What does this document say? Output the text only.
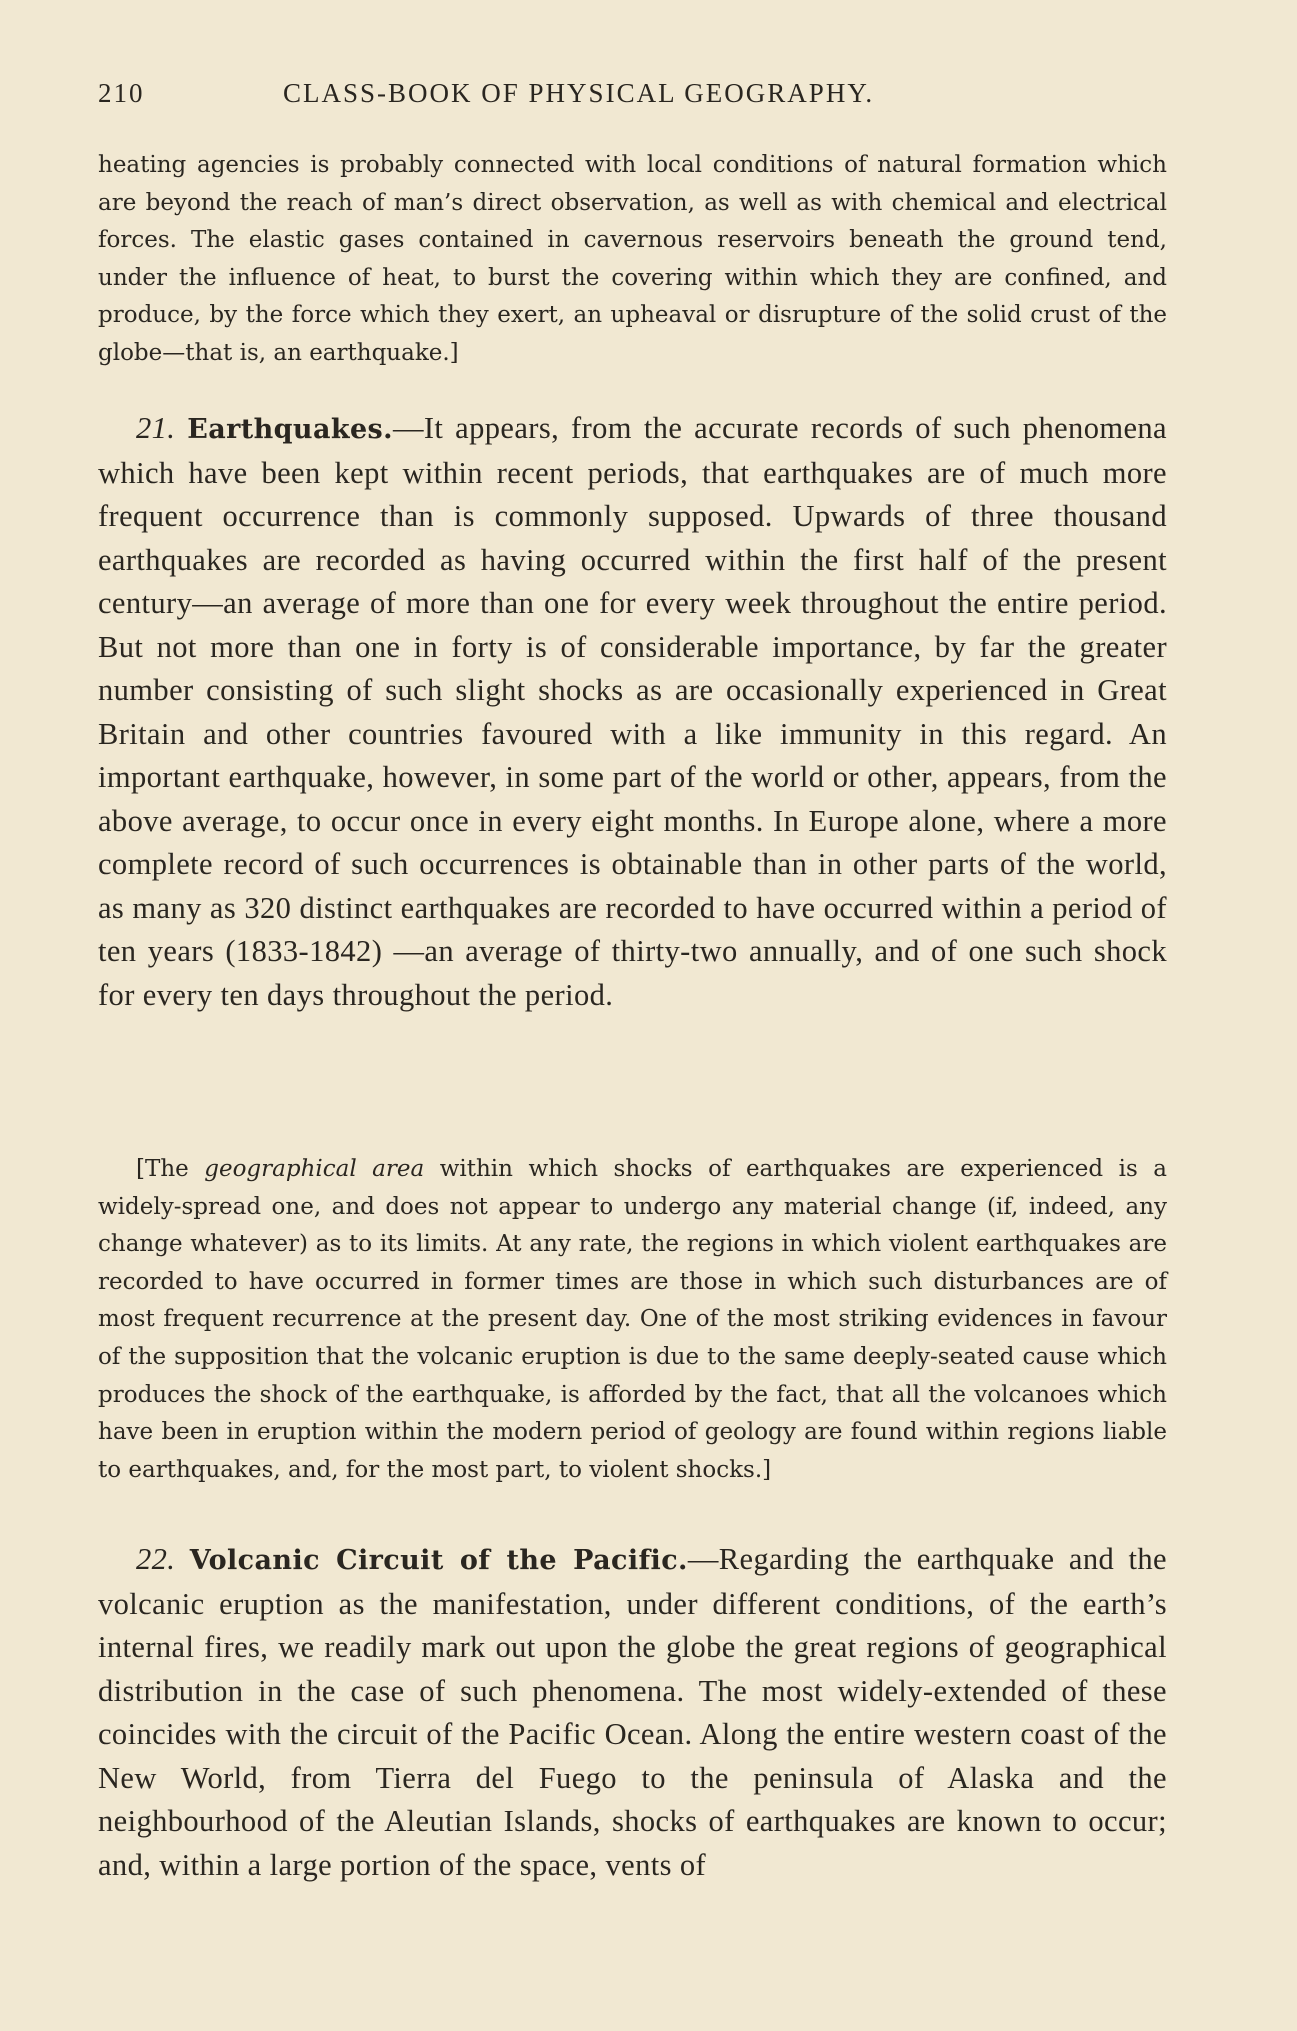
210	CLASS-BOOK OF PHYSICAL GEOGRAPHY.
heating agencies is probably connected with local conditions of natural formation which are beyond the reach of man’s direct observation, as well as with chemical and electrical forces. The elastic gases contained in cavernous reservoirs beneath the ground tend, under the influence of heat, to burst the covering within which they are confined, and produce, by the force which they exert, an upheaval or disrupture of the solid crust of the globe—that is, an earthquake.]
21. Earthquakes.—It appears, from the accurate records of such phenomena which have been kept within recent periods, that earthquakes are of much more frequent occurrence than is commonly supposed. Upwards of three thousand earthquakes are recorded as having occurred within the first half of the present century—an average of more than one for every week throughout the entire period. But not more than one in forty is of considerable importance, by far the greater number consisting of such slight shocks as are occasionally experienced in Great Britain and other countries favoured with a like immunity in this regard. An important earthquake, however, in some part of the world or other, appears, from the above average, to occur once in every eight months. In Europe alone, where a more complete record of such occurrences is obtainable than in other parts of the world, as many as 320 distinct earthquakes are recorded to have occurred within a period of ten years (1833-1842) —an average of thirty-two annually, and of one such shock for every ten days throughout the period.
[The geographical area within which shocks of earthquakes are experienced is a widely-spread one, and does not appear to undergo any material change (if, indeed, any change whatever) as to its limits. At any rate, the regions in which violent earthquakes are recorded to have occurred in former times are those in which such disturbances are of most frequent recurrence at the present day. One of the most striking evidences in favour of the supposition that the volcanic eruption is due to the same deeply-seated cause which produces the shock of the earthquake, is afforded by the fact, that all the volcanoes which have been in eruption within the modern period of geology are found within regions liable to earthquakes, and, for the most part, to violent shocks.]
22. Volcanic Circuit of the Pacific.—Regarding the earthquake and the volcanic eruption as the manifestation, under different conditions, of the earth’s internal fires, we readily mark out upon the globe the great regions of geographical distribution in the case of such phenomena. The most widely-extended of these coincides with the circuit of the Pacific Ocean. Along the entire western coast of the New World, from Tierra del Fuego to the peninsula of Alaska and the neighbourhood of the Aleutian Islands, shocks of earthquakes are known to occur; and, within a large portion of the space, vents of
